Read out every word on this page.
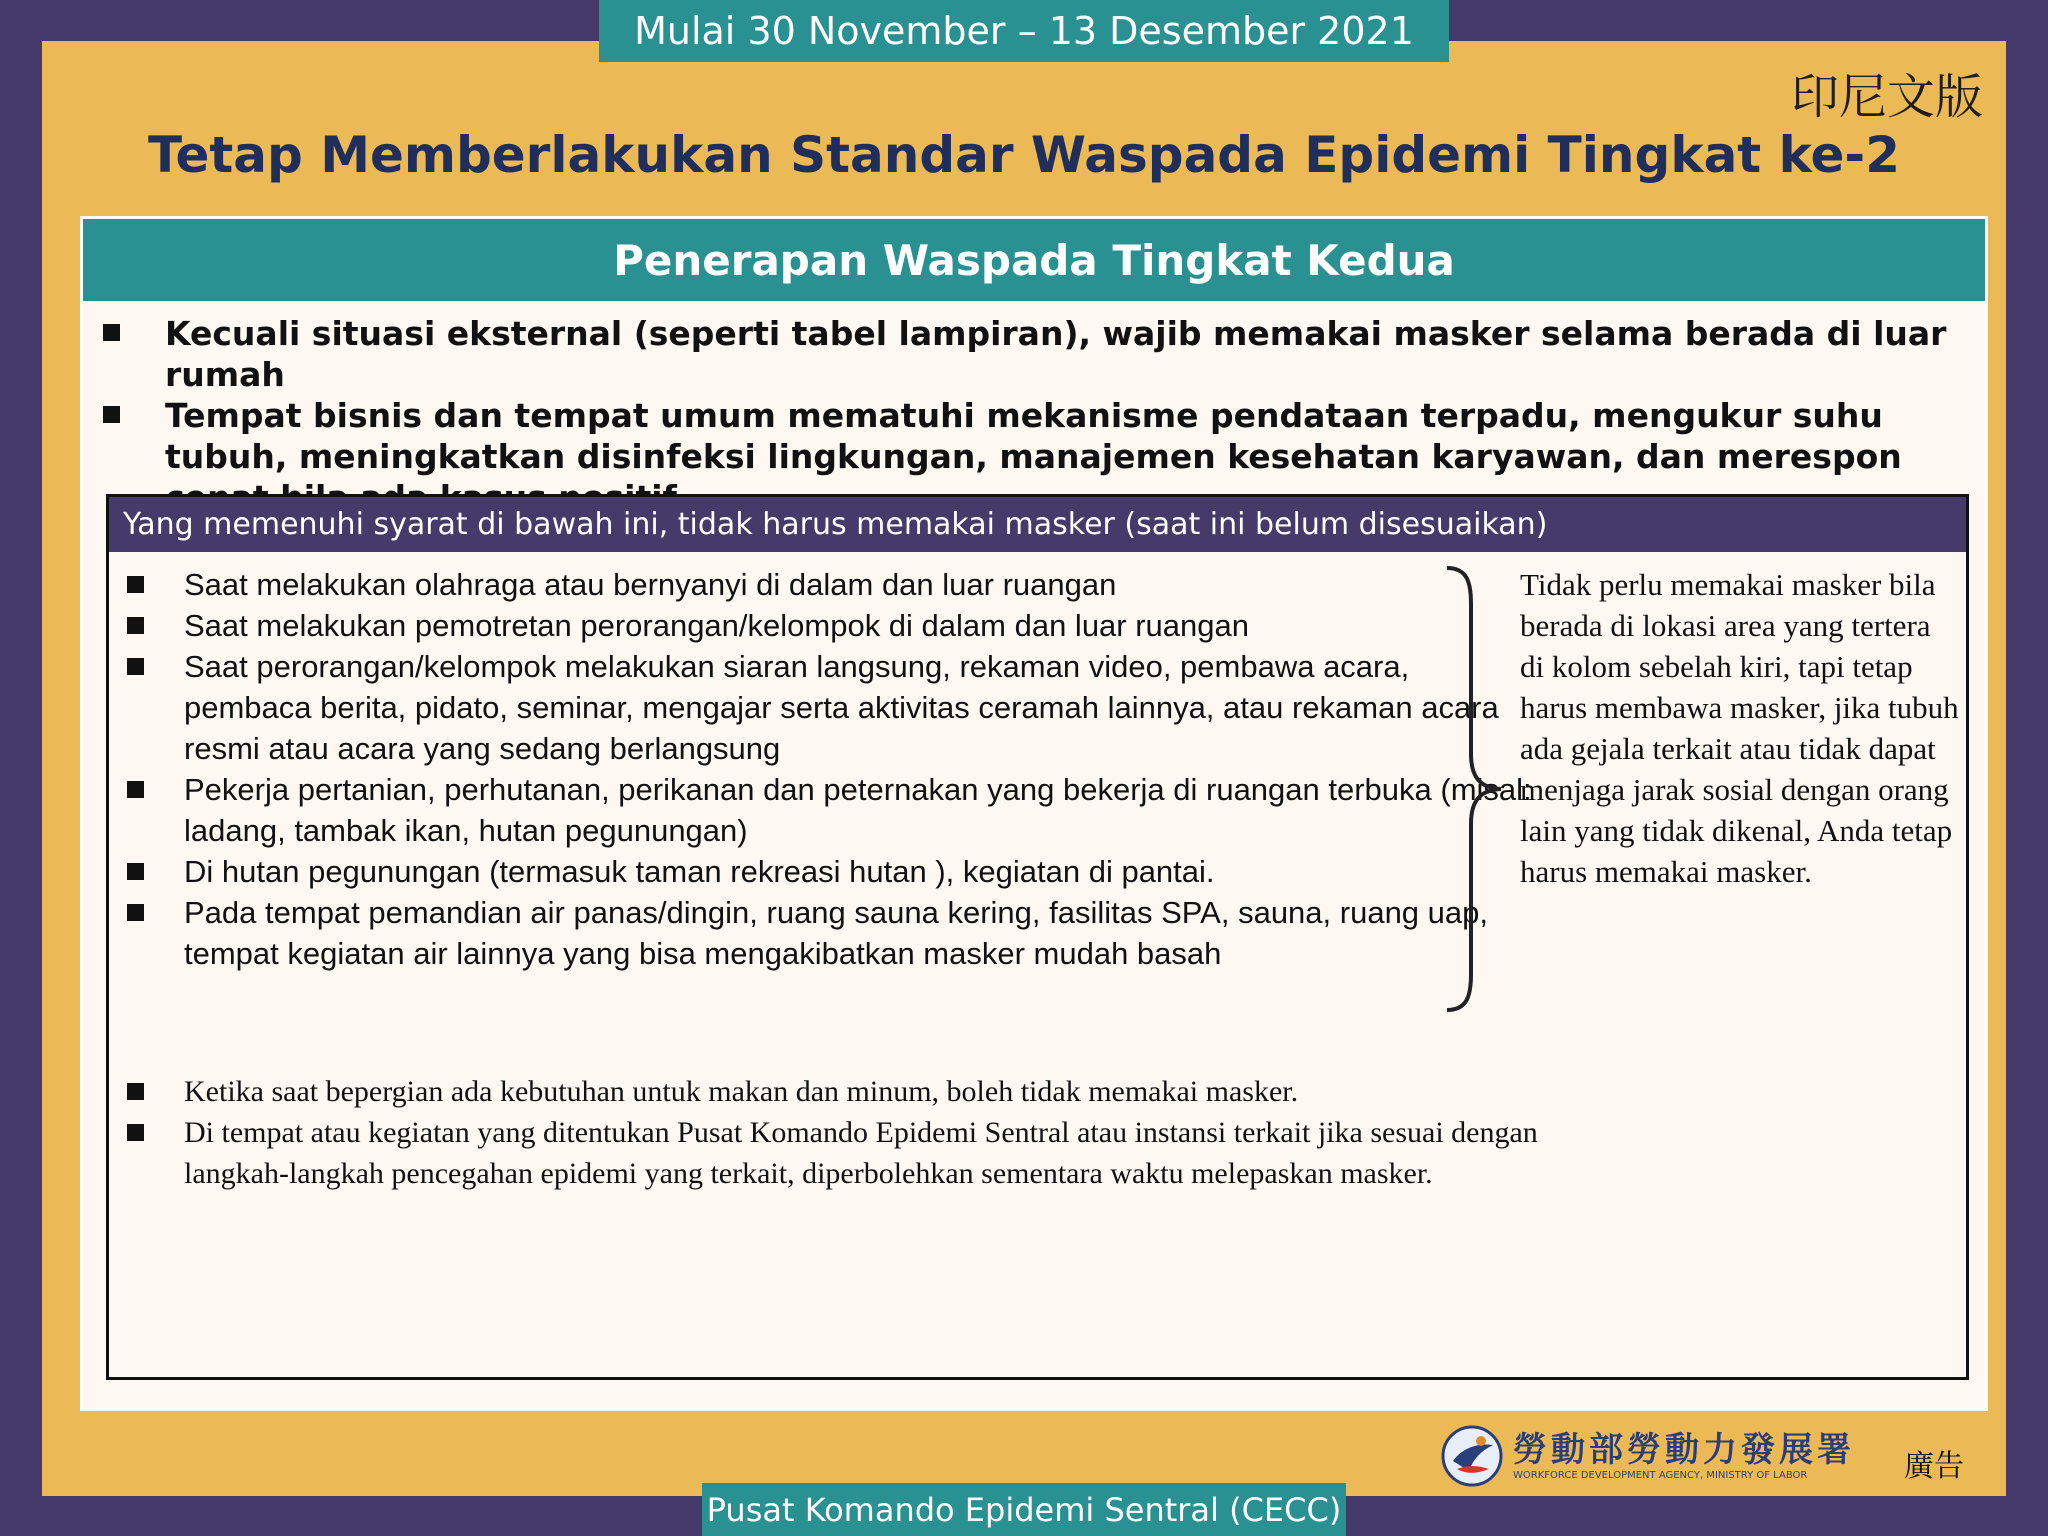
Mulai 30 November – 13 Desember 2021
印尼文版
Tetap Memberlakukan Standar Waspada Epidemi Tingkat ke-2
Penerapan Waspada Tingkat Kedua
Kecuali situasi eksternal (seperti tabel lampiran), wajib memakai masker selama berada di luar rumah
Tempat bisnis dan tempat umum mematuhi mekanisme pendataan terpadu, mengukur suhu tubuh, meningkatkan disinfeksi lingkungan, manajemen kesehatan karyawan, dan merespon
Yang memenuhi syarat di bawah ini, tidak harus memakai masker (saat ini belum disesuaikan)
Saat melakukan olahraga atau bernyanyi di dalam dan luar ruangan
Saat melakukan pemotretan perorangan/kelompok di dalam dan luar ruangan
Saat perorangan/kelompok melakukan siaran langsung, rekaman video, pembawa acara, pembaca berita, pidato, seminar, mengajar serta aktivitas ceramah lainnya, atau rekaman acara resmi atau acara yang sedang berlangsung
Pekerja pertanian, perhutanan, perikanan dan peternakan yang bekerja di ruangan terbuka (misal: ladang, tambak ikan, hutan pegunungan)
Di hutan pegunungan (termasuk taman rekreasi hutan ), kegiatan di pantai.
Pada tempat pemandian air panas/dingin, ruang sauna kering, fasilitas SPA, sauna, ruang uap, tempat kegiatan air lainnya yang bisa mengakibatkan masker mudah basah
Tidak perlu memakai masker bila berada di lokasi area yang tertera di kolom sebelah kiri, tapi tetap harus membawa masker, jika tubuh ada gejala terkait atau tidak dapat menjaga jarak sosial dengan orang lain yang tidak dikenal, Anda tetap harus memakai masker.
Ketika saat bepergian ada kebutuhan untuk makan dan minum, boleh tidak memakai masker.
Di tempat atau kegiatan yang ditentukan Pusat Komando Epidemi Sentral atau instansi terkait jika sesuai dengan langkah-langkah pencegahan epidemi yang terkait, diperbolehkan sementara waktu melepaskan masker.
勞動部勞動力發展署
WORKFORCE DEVELOPMENT AGENCY, MINISTRY OF LABOR	廣告
Pusat Komando Epidemi Sentral (CECC)
